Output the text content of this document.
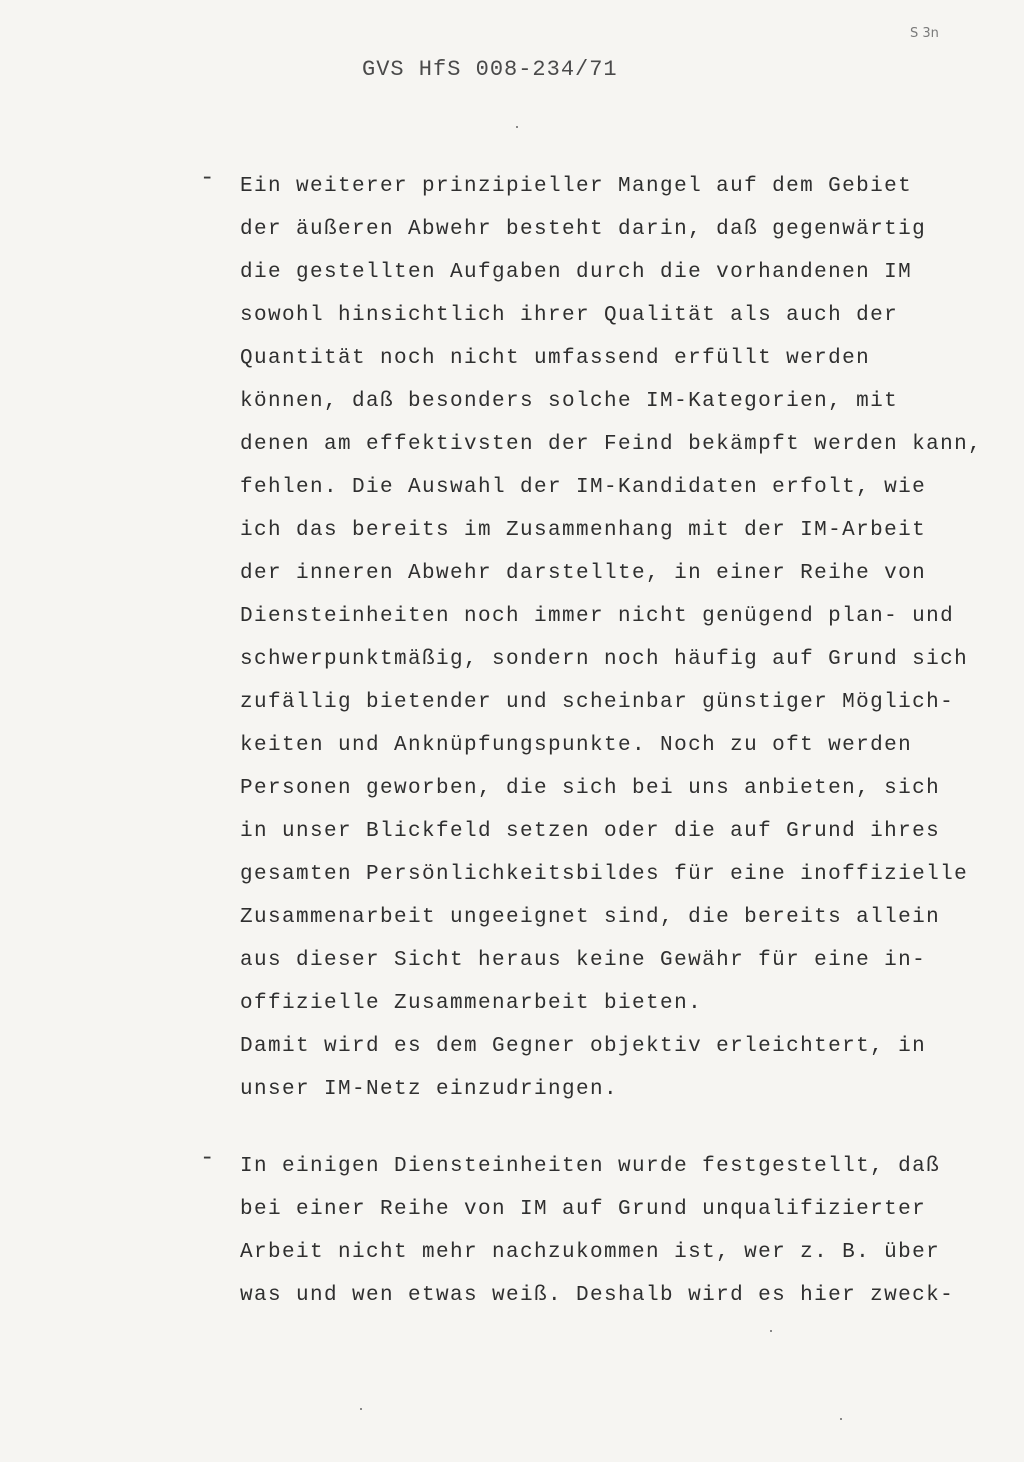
S 3n
GVS HfS 008-234/71
- Ein weiterer prinzipieller Mangel auf dem Gebiet
der äußeren Abwehr besteht darin, daß gegenwärtig
die gestellten Aufgaben durch die vorhandenen IM
sowohl hinsichtlich ihrer Qualität als auch der
Quantität noch nicht umfassend erfüllt werden
können, daß besonders solche IM-Kategorien, mit
denen am effektivsten der Feind bekämpft werden kann,
fehlen. Die Auswahl der IM-Kandidaten erfolt, wie
ich das bereits im Zusammenhang mit der IM-Arbeit
der inneren Abwehr darstellte, in einer Reihe von
Diensteinheiten noch immer nicht genügend plan- und
schwerpunktmäßig, sondern noch häufig auf Grund sich
zufällig bietender und scheinbar günstiger Möglich-
keiten und Anknüpfungspunkte. Noch zu oft werden
Personen geworben, die sich bei uns anbieten, sich
in unser Blickfeld setzen oder die auf Grund ihres
gesamten Persönlichkeitsbildes für eine inoffizielle
Zusammenarbeit ungeeignet sind, die bereits allein
aus dieser Sicht heraus keine Gewähr für eine in-
offizielle Zusammenarbeit bieten.
Damit wird es dem Gegner objektiv erleichtert, in
unser IM-Netz einzudringen.
- In einigen Diensteinheiten wurde festgestellt, daß
bei einer Reihe von IM auf Grund unqualifizierter
Arbeit nicht mehr nachzukommen ist, wer z. B. über
was und wen etwas weiß. Deshalb wird es hier zweck-
